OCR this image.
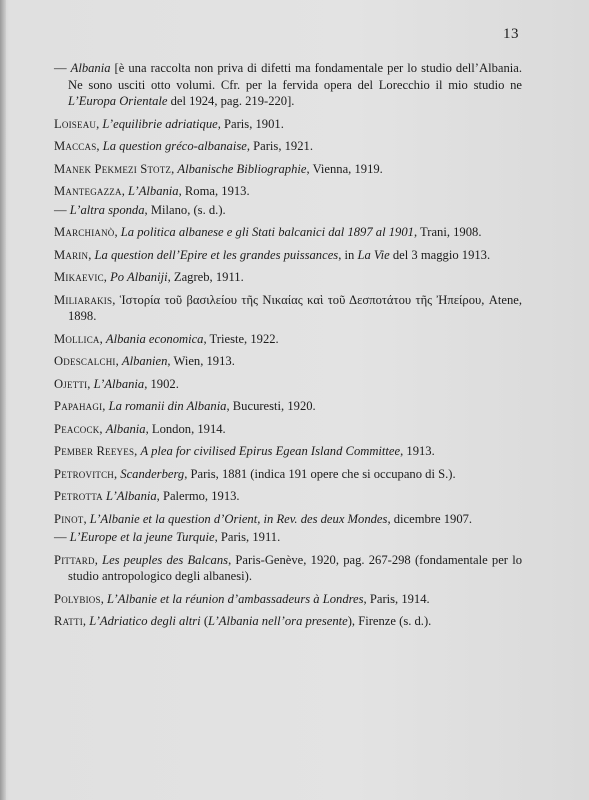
13
— Albania [è una raccolta non priva di difetti ma fondamentale per lo studio dell’Albania. Ne sono usciti otto volumi. Cfr. per la fervida opera del Lorecchio il mio studio ne L’Europa Orientale del 1924, pag. 219-220].
Loiseau, L’equilibrie adriatique, Paris, 1901.
Maccas, La question gréco-albanaise, Paris, 1921.
Manek Pekmezi Stotz, Albanische Bibliographie, Vienna, 1919.
Mantegazza, L’Albania, Roma, 1913.
— L’altra sponda, Milano, (s. d.).
Marchianò, La politica albanese e gli Stati balcanici dal 1897 al 1901, Trani, 1908.
Marin, La question dell’Epire et les grandes puissances, in La Vie del 3 maggio 1913.
Mikaevic, Po Albaniji, Zagreb, 1911.
Miliarakis, Ἱστορία τοῦ βασιλείου τῆς Νικαίας καὶ τοῦ Δεσποτάτου τῆς Ἠπείρου, Atene, 1898.
Mollica, Albania economica, Trieste, 1922.
Odescalchi, Albanien, Wien, 1913.
Ojetti, L’Albania, 1902.
Papahagi, La romanii din Albania, Bucuresti, 1920.
Peacock, Albania, London, 1914.
Pember Reeyes, A plea for civilised Epirus Egean Island Committee, 1913.
Petrovitch, Scanderberg, Paris, 1881 (indica 191 opere che si occupano di S.).
Petrotta L’Albania, Palermo, 1913.
Pinot, L’Albanie et la question d’Orient, in Rev. des deux Mondes, dicembre 1907.
— L’Europe et la jeune Turquie, Paris, 1911.
Pittard, Les peuples des Balcans, Paris-Genève, 1920, pag. 267-298 (fondamentale per lo studio antropologico degli albanesi).
Polybios, L’Albanie et la réunion d’ambassadeurs à Londres, Paris, 1914.
Ratti, L’Adriatico degli altri (L’Albania nell’ora presente), Firenze (s. d.).
